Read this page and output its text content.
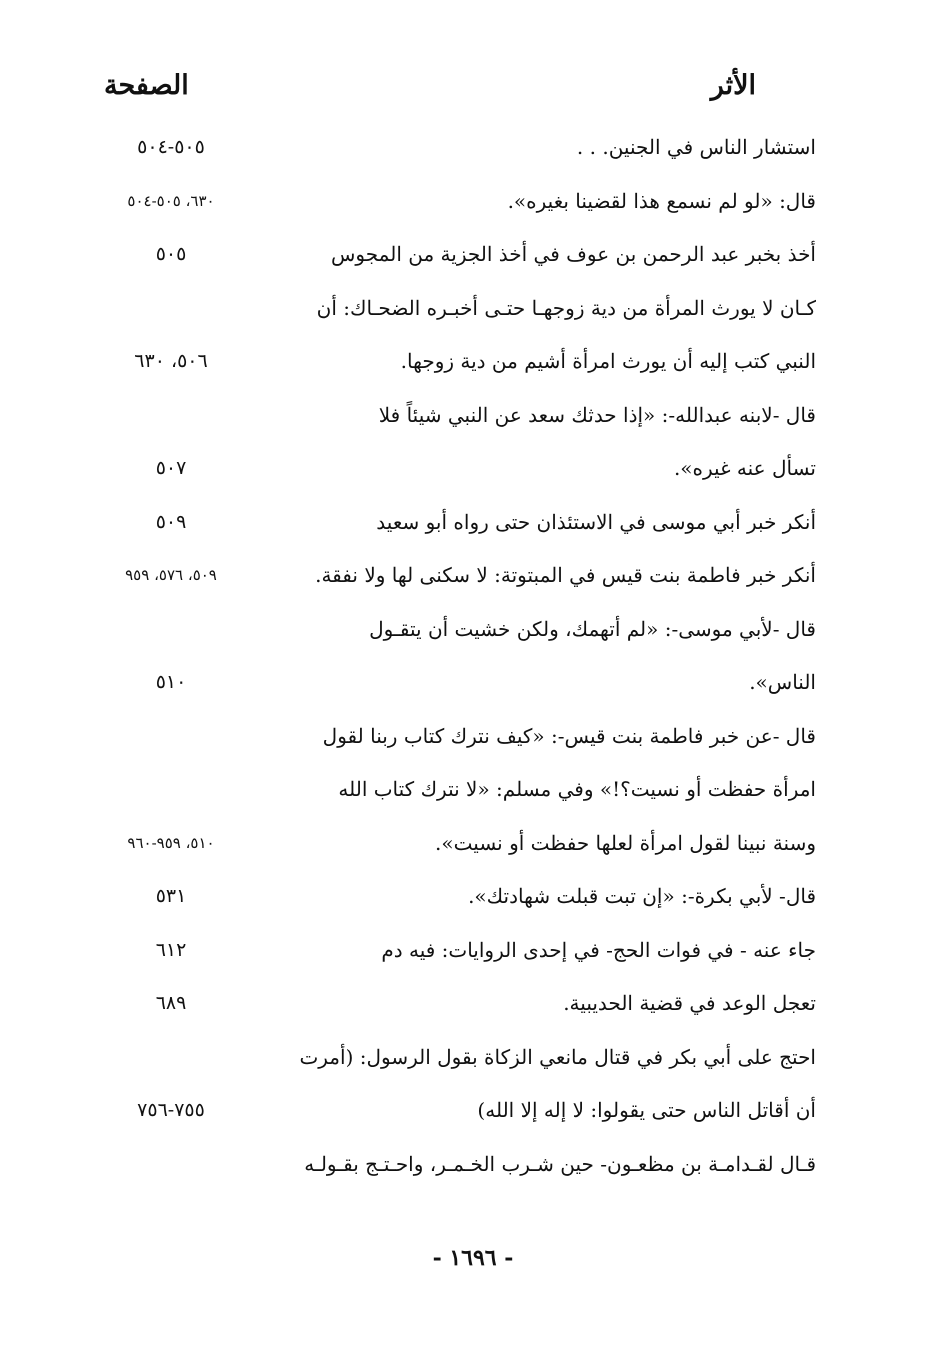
الأثر
الصفحة
استشار الناس في الجنين. . .
٥٠٥-٥٠٤
قال: «لو لم نسمع هذا لقضينا بغيره».
٦٣٠، ٥٠٥-٥٠٤
أخذ بخبر عبد الرحمن بن عوف في أخذ الجزية من المجوس
٥٠٥
كـان لا يورث المرأة من دية زوجهـا حتـى أخبـره الضحـاك: أن
النبي كتب إليه أن يورث امرأة أشيم من دية زوجها.
٥٠٦، ٦٣٠
قال -لابنه عبدالله-: «إذا حدثك سعد عن النبي شيئاً فلا
تسأل عنه غيره».
٥٠٧
أنكر خبر أبي موسى في الاستئذان حتى رواه أبو سعيد
٥٠٩
أنكر خبر فاطمة بنت قيس في المبتوتة: لا سكنى لها ولا نفقة.
٥٠٩، ٥٧٦، ٩٥٩
قال -لأبي موسى-: «لم أتهمك، ولكن خشيت أن يتقـول
الناس».
٥١٠
قال -عن خبر فاطمة بنت قيس-: «كيف نترك كتاب ربنا لقول
امرأة حفظت أو نسيت؟!» وفي مسلم: «لا نترك كتاب الله
وسنة نبينا لقول امرأة لعلها حفظت أو نسيت».
٥١٠، ٩٥٩-٩٦٠
قال- لأبي بكرة-: «إن تبت قبلت شهادتك».
٥٣١
جاء عنه - في فوات الحج- في إحدى الروايات: فيه دم
٦١٢
تعجل الوعد في قضية الحديبية.
٦٨٩
احتج على أبي بكر في قتال مانعي الزكاة بقول الرسول: (أمرت
أن أقاتل الناس حتى يقولوا: لا إله إلا الله)
٧٥٥-٧٥٦
قـال لقـدامـة بن مظعـون- حين شـرب الخـمـر، واحـتـج بقـولـه
- ١٦٩٦ -
